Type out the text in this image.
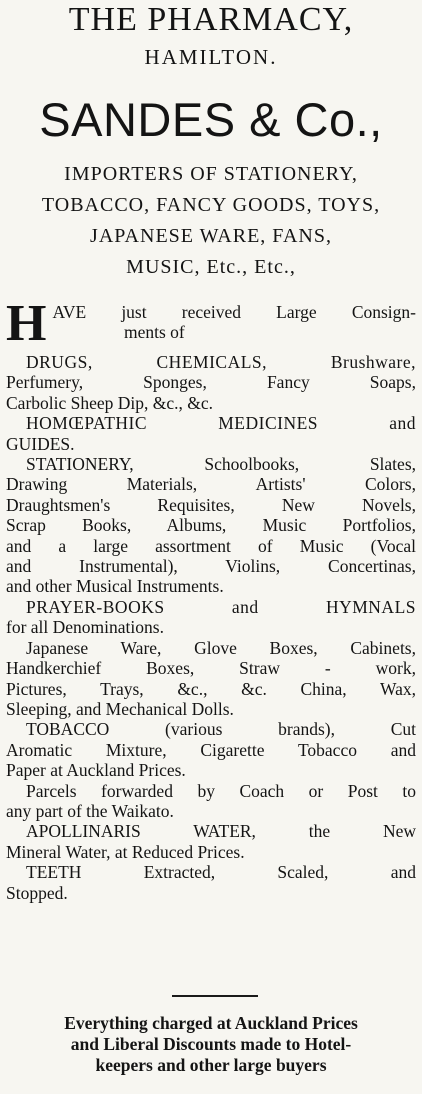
THE PHARMACY,
HAMILTON.
SANDES & Co.,
IMPORTERS OF STATIONERY,
TOBACCO, FANCY GOODS, TOYS,
JAPANESE WARE, FANS,
MUSIC, Etc., Etc.,
H AVE just received Large Consign-
ments of
DRUGS, CHEMICALS, Brushware,
Perfumery, Sponges, Fancy Soaps,
Carbolic Sheep Dip, &c., &c.
HOMŒPATHIC MEDICINES and
GUIDES.
STATIONERY, Schoolbooks, Slates,
Drawing Materials, Artists' Colors,
Draughtsmen's Requisites, New Novels,
Scrap Books, Albums, Music Portfolios,
and a large assortment of Music (Vocal
and Instrumental), Violins, Concertinas,
and other Musical Instruments.
PRAYER-BOOKS and HYMNALS
for all Denominations.
Japanese Ware, Glove Boxes, Cabinets,
Handkerchief Boxes, Straw - work,
Pictures, Trays, &c., &c. China, Wax,
Sleeping, and Mechanical Dolls.
TOBACCO (various brands), Cut
Aromatic Mixture, Cigarette Tobacco and
Paper at Auckland Prices.
Parcels forwarded by Coach or Post to
any part of the Waikato.
APOLLINARIS WATER, the New
Mineral Water, at Reduced Prices.
TEETH Extracted, Scaled, and
Stopped.
Everything charged at Auckland Prices
and Liberal Discounts made to Hotel-
keepers and other large buyers
